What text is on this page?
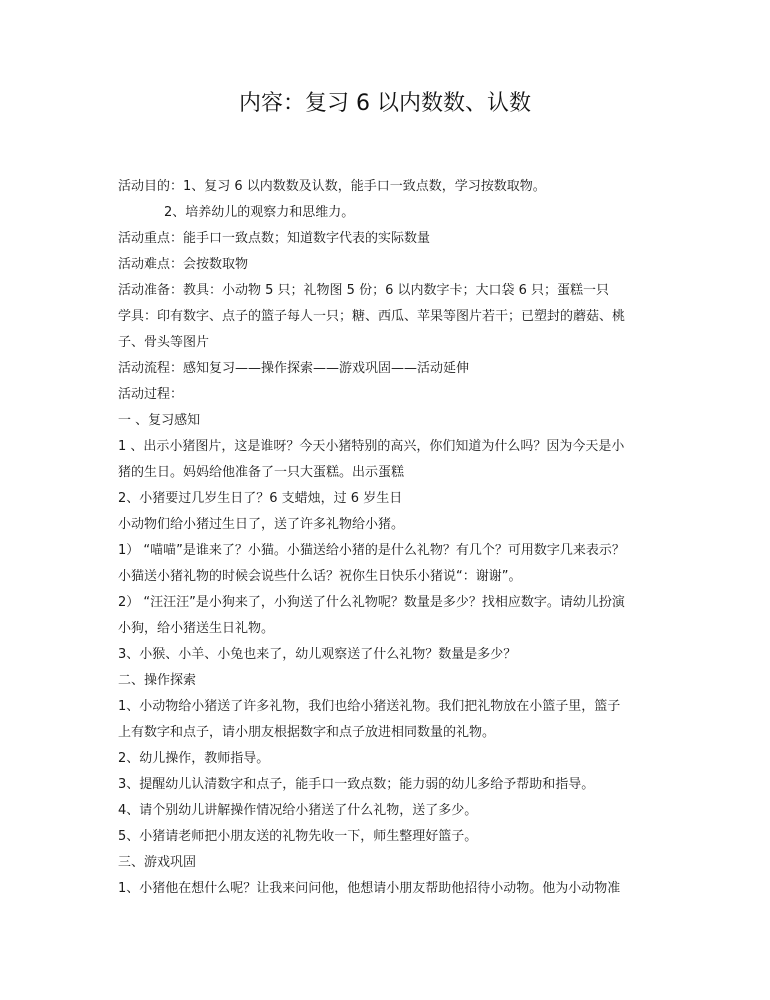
内容：复习 6 以内数数、认数
活动目的：1、复习 6 以内数数及认数，能手口一致点数，学习按数取物。
2、培养幼儿的观察力和思维力。
活动重点：能手口一致点数；知道数字代表的实际数量
活动难点：会按数取物
活动准备：教具：小动物 5 只；礼物图 5 份；6 以内数字卡；大口袋 6 只；蛋糕一只
学具：印有数字、点子的篮子每人一只；糖、西瓜、苹果等图片若干；已塑封的蘑菇、桃
子、骨头等图片
活动流程：感知复习——操作探索——游戏巩固——活动延伸
活动过程：
一 、复习感知
1 、出示小猪图片，这是谁呀？今天小猪特别的高兴，你们知道为什么吗？因为今天是小
猪的生日。妈妈给他准备了一只大蛋糕。出示蛋糕
2、小猪要过几岁生日了？6 支蜡烛，过 6 岁生日
小动物们给小猪过生日了，送了许多礼物给小猪。
1） “喵喵”是谁来了？小猫。小猫送给小猪的是什么礼物？有几个？可用数字几来表示？
小猫送小猪礼物的时候会说些什么话？祝你生日快乐小猪说“：谢谢”。
2） “汪汪汪”是小狗来了，小狗送了什么礼物呢？数量是多少？找相应数字。请幼儿扮演
小狗，给小猪送生日礼物。
3、小猴、小羊、小兔也来了，幼儿观察送了什么礼物？数量是多少？
二、操作探索
1、小动物给小猪送了许多礼物，我们也给小猪送礼物。我们把礼物放在小篮子里，篮子
上有数字和点子，请小朋友根据数字和点子放进相同数量的礼物。
2、幼儿操作，教师指导。
3、提醒幼儿认清数字和点子，能手口一致点数；能力弱的幼儿多给予帮助和指导。
4、请个别幼儿讲解操作情况给小猪送了什么礼物，送了多少。
5、小猪请老师把小朋友送的礼物先收一下，师生整理好篮子。
三、游戏巩固
1、小猪他在想什么呢？让我来问问他，他想请小朋友帮助他招待小动物。他为小动物准
